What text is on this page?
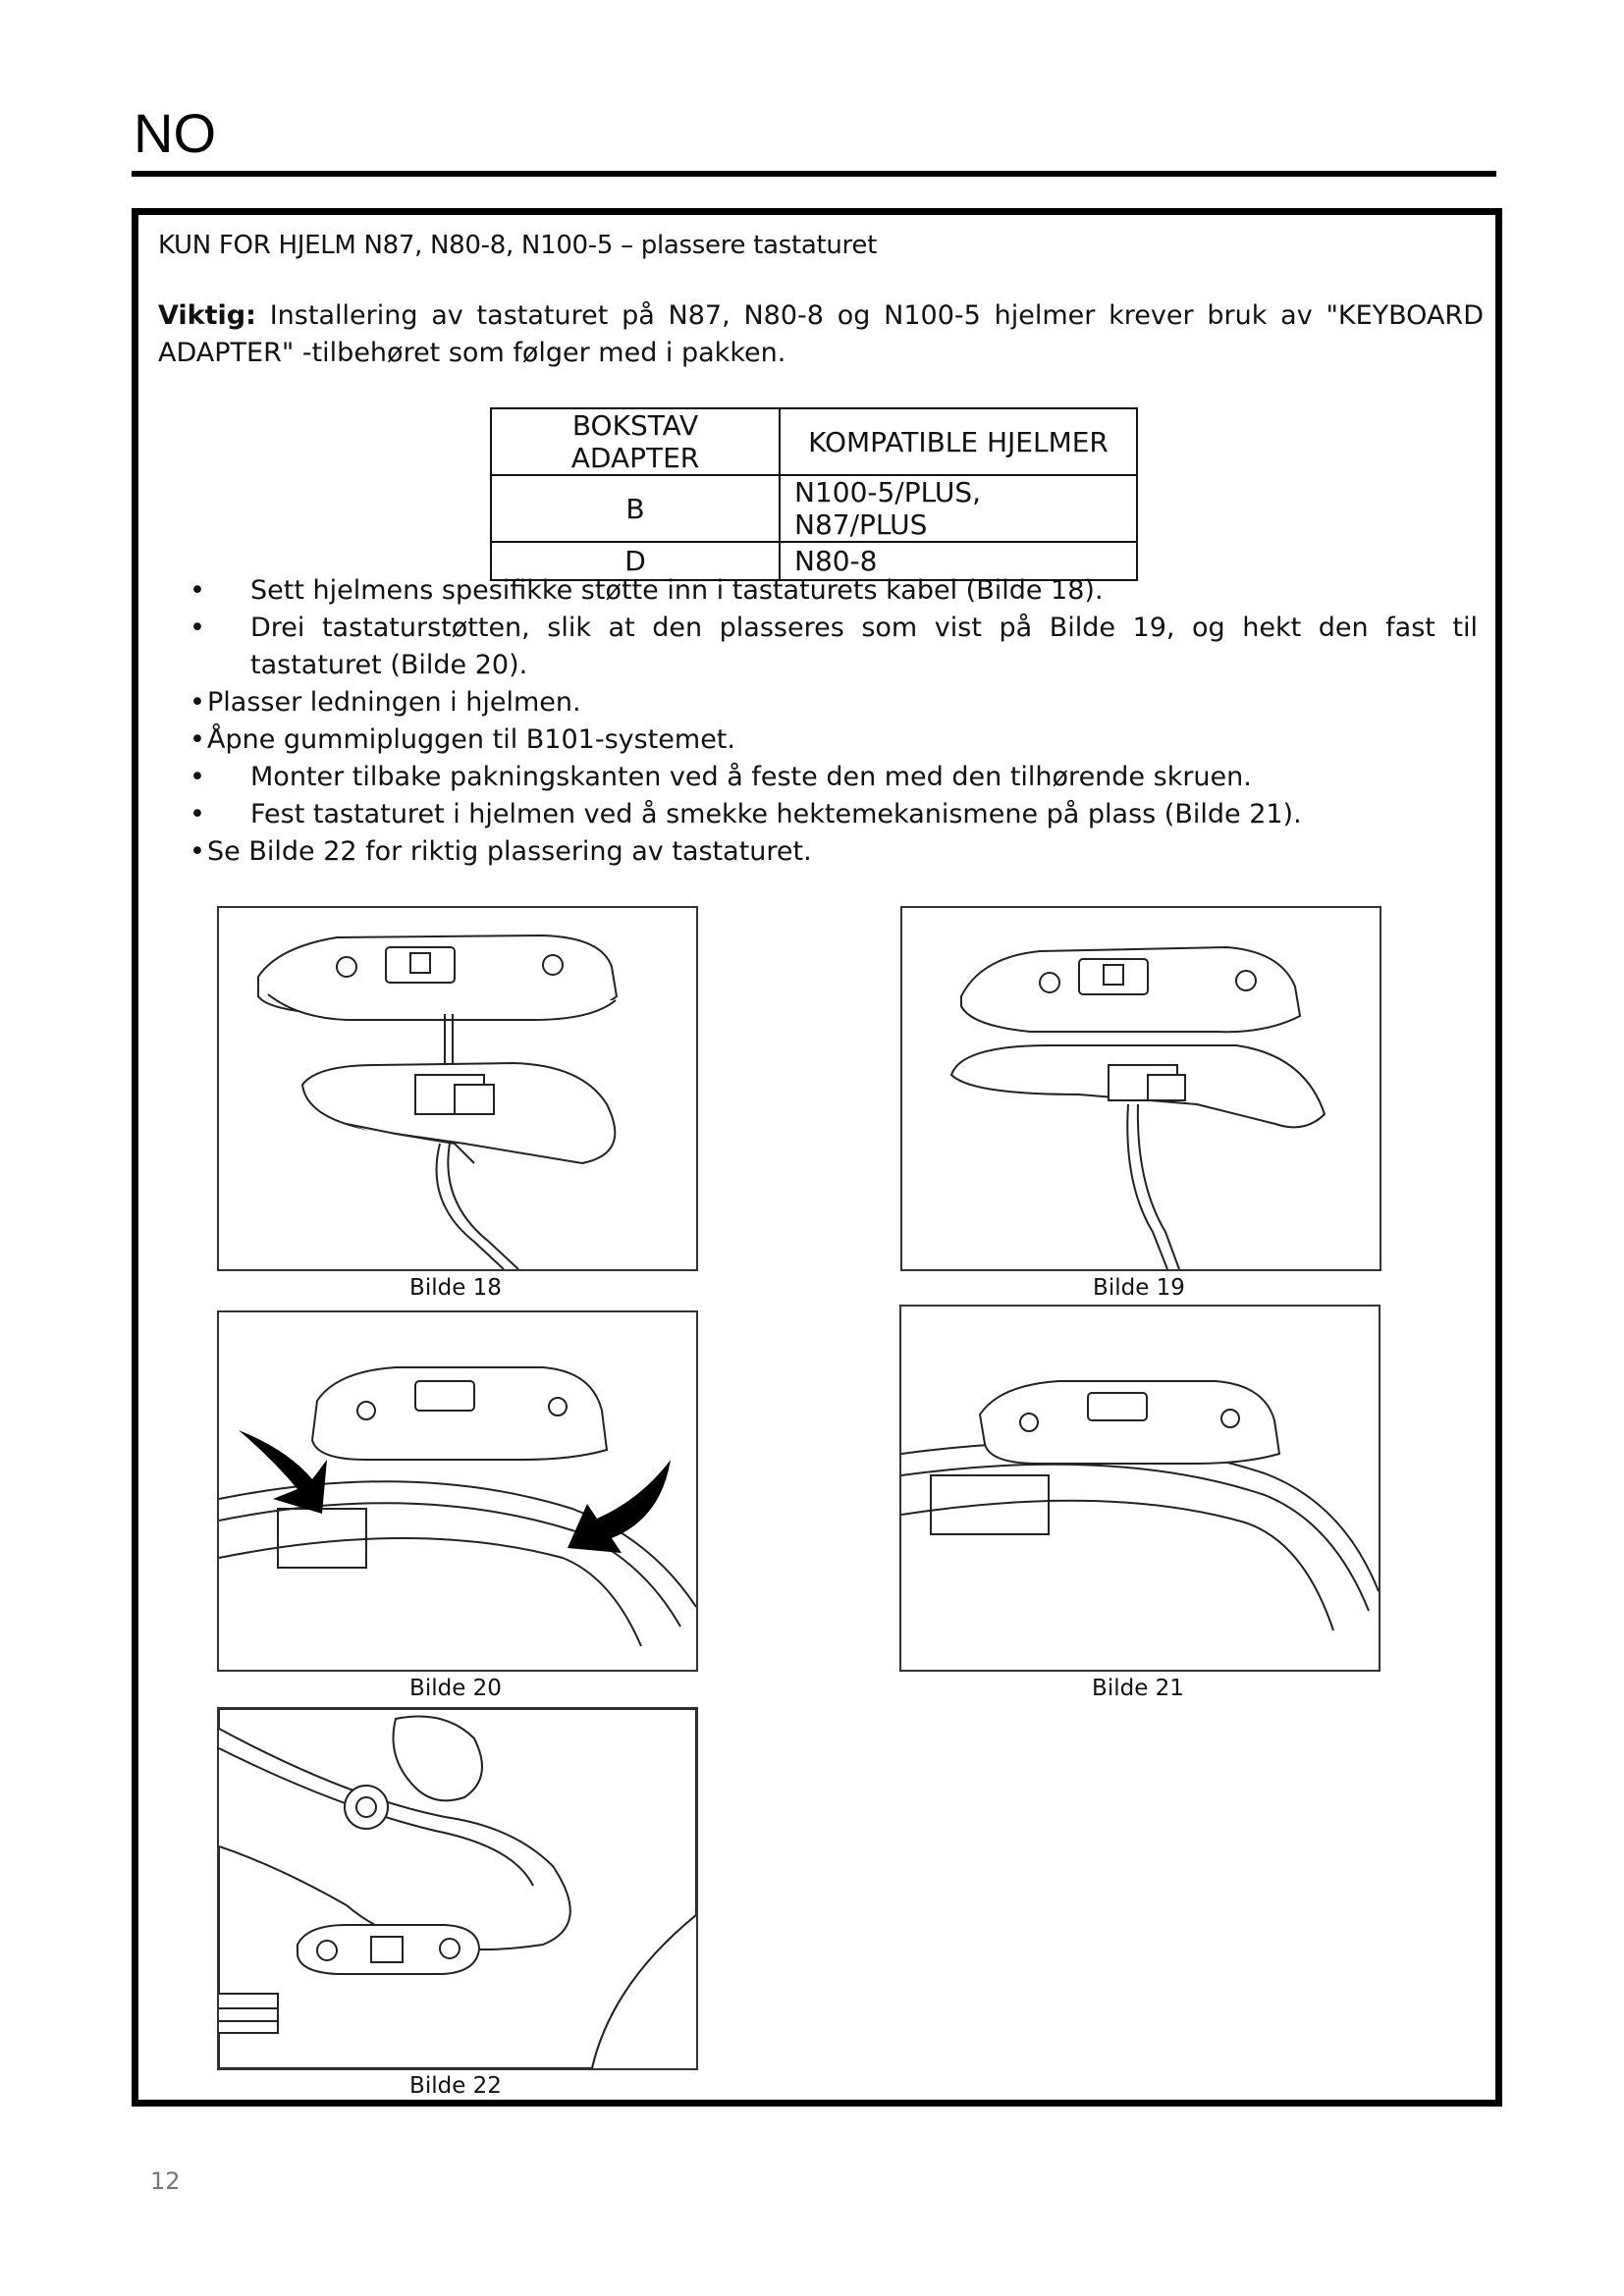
NO
KUN FOR HJELM N87, N80-8, N100-5 – plassere tastaturet
Viktig: Installering av tastaturet på N87, N80-8 og N100-5 hjelmer krever bruk av "KEYBOARD ADAPTER" -tilbehøret som følger med i pakken.
BOKSTAV ADAPTER	KOMPATIBLE HJELMER
B	N100-5/PLUS, N87/PLUS
D	N80-8
• Sett hjelmens spesifikke støtte inn i tastaturets kabel (Bilde 18).
• Drei tastaturstøtten, slik at den plasseres som vist på Bilde 19, og hekt den fast til tastaturet (Bilde 20).
• Plasser ledningen i hjelmen.
• Åpne gummipluggen til B101-systemet.
• Monter tilbake pakningskanten ved å feste den med den tilhørende skruen.
• Fest tastaturet i hjelmen ved å smekke hektemekanismene på plass (Bilde 21).
• Se Bilde 22 for riktig plassering av tastaturet.
Bilde 18	Bilde 19
Bilde 20	Bilde 21
Bilde 22
12
